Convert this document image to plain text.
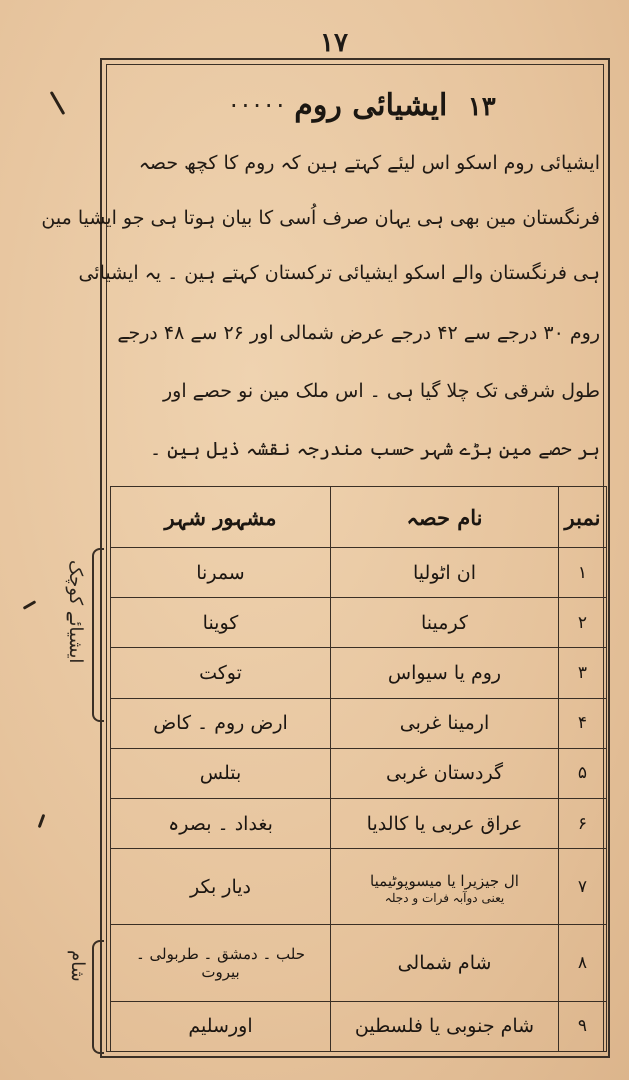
۱۷
·····	۱۳ ایشیائی روم
ایشیائی روم اسکو اس لیئے کہتے ہین کہ روم کا کچھ حصہ
فرنگستان مین بھی ہی یہان صرف اُسی کا بیان ہوتا ہی جو ایشیا مین
ہی فرنگستان والے اسکو ایشیائی ترکستان کہتے ہین ۔ یہ ایشیائی
روم ۳۰ درجے سے ۴۲ درجے عرض شمالی اور ۲۶ سے ۴۸ درجے
طول شرقی تک چلا گیا ہی ۔ اس ملک مین نو حصے اور
ہر حصے مین بڑے شہر حسب مندرجہ نقشہ ذیل ہین ۔
نمبر	نام حصہ	مشہور شہر
۱	ان اٹولیا	سمرنا
۲	کرمینا	کوینا
۳	روم یا سیواس	توکت
۴	ارمینا غربی	ارض روم ۔ کاض
۵	گردستان غربی	بتلس
۶	عراق عربی یا کالدیا	بغداد ۔ بصرہ
۷	ال جیزیرا یا میسوپوٹیمیا
یعنی دوآبہ فرات و دجلہ	دیار بکر
۸	شام شمالی	حلب ۔ دمشق ۔ طربولی ۔ بیروت
۹	شام جنوبی یا فلسطین	اورسلیم
ایشیائے کوچک
شام
